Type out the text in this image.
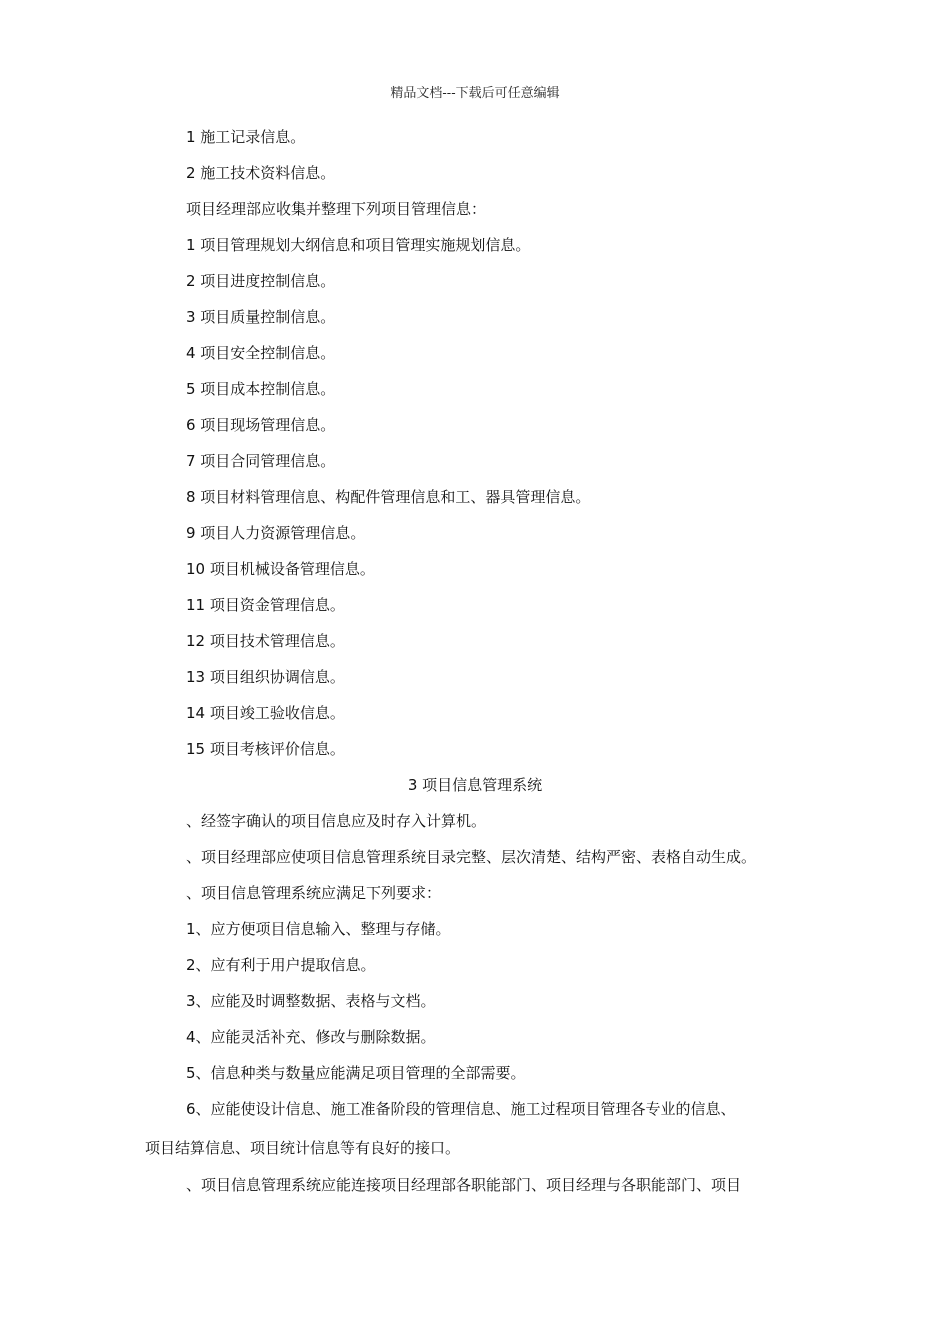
精品文档---下载后可任意编辑
1 施工记录信息。
2 施工技术资料信息。
项目经理部应收集并整理下列项目管理信息：
1 项目管理规划大纲信息和项目管理实施规划信息。
2 项目进度控制信息。
3 项目质量控制信息。
4 项目安全控制信息。
5 项目成本控制信息。
6 项目现场管理信息。
7 项目合同管理信息。
8 项目材料管理信息、构配件管理信息和工、器具管理信息。
9 项目人力资源管理信息。
10 项目机械设备管理信息。
11 项目资金管理信息。
12 项目技术管理信息。
13 项目组织协调信息。
14 项目竣工验收信息。
15 项目考核评价信息。
3 项目信息管理系统
、经签字确认的项目信息应及时存入计算机。
、项目经理部应使项目信息管理系统目录完整、层次清楚、结构严密、表格自动生成。
、项目信息管理系统应满足下列要求：
1、应方便项目信息输入、整理与存储。
2、应有利于用户提取信息。
3、应能及时调整数据、表格与文档。
4、应能灵活补充、修改与删除数据。
5、信息种类与数量应能满足项目管理的全部需要。
6、应能使设计信息、施工准备阶段的管理信息、施工过程项目管理各专业的信息、
项目结算信息、项目统计信息等有良好的接口。
、项目信息管理系统应能连接项目经理部各职能部门、项目经理与各职能部门、项目
